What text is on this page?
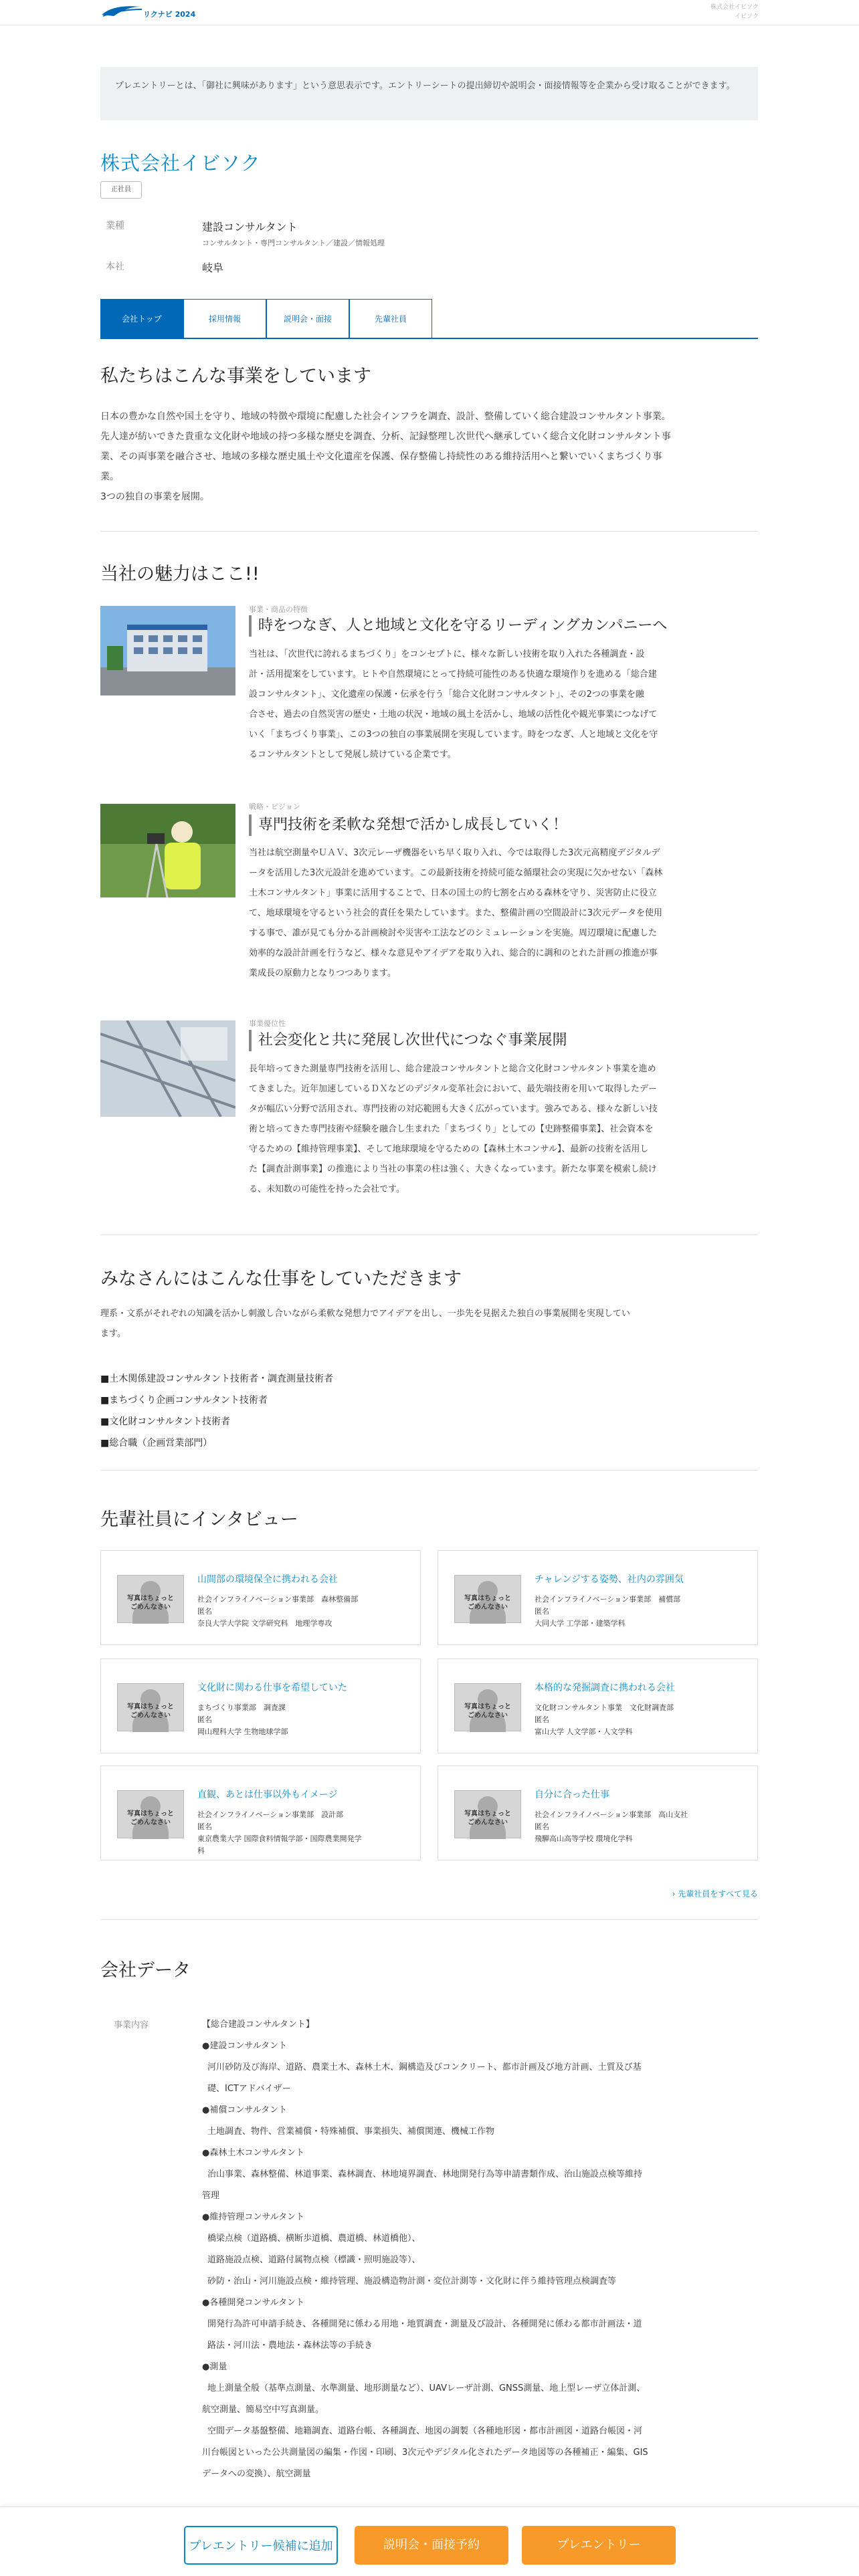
リクナビ 2024
株式会社イビソク
イビソク
プレエントリーとは、「御社に興味があります」という意思表示です。エントリーシートの提出締切や説明会・面接情報等を企業から受け取ることができます。
株式会社イビソク
正社員
業種	建設コンサルタント
コンサルタント・専門コンサルタント／建設／情報処理
本社	岐阜
会社トップ	採用情報	説明会・面接	先輩社員
私たちはこんな事業をしています
日本の豊かな自然や国土を守り、地域の特徴や環境に配慮した社会インフラを調査、設計、整備していく総合建設コンサルタント事業。
先人達が紡いできた貴重な文化財や地域の持つ多様な歴史を調査、分析、記録整理し次世代へ継承していく総合文化財コンサルタント事
業、その両事業を融合させ、地域の多様な歴史風土や文化遺産を保護、保存整備し持続性のある維持活用へと繋いでいくまちづくり事
業。
3つの独自の事業を展開。
当社の魅力はここ!!
事業・商品の特徴
時をつなぎ、人と地域と文化を守るリーディングカンパニーへ
当社は、「次世代に誇れるまちづくり」をコンセプトに、様々な新しい技術を取り入れた各種調査・設
計・活用提案をしています。ヒトや自然環境にとって持続可能性のある快適な環境作りを進める「総合建
設コンサルタント」、文化遺産の保護・伝承を行う「総合文化財コンサルタント」、その2つの事業を融
合させ、過去の自然災害の歴史・土地の状況・地域の風土を活かし、地域の活性化や観光事業につなげて
いく「まちづくり事業」、この3つの独自の事業展開を実現しています。時をつなぎ、人と地域と文化を守
るコンサルタントとして発展し続けている企業です。
戦略・ビジョン
専門技術を柔軟な発想で活かし成長していく！
当社は航空測量やＵＡＶ、3次元レーザ機器をいち早く取り入れ、今では取得した3次元高精度デジタルデ
ータを活用した3次元設計を進めています。この最新技術を持続可能な循環社会の実現に欠かせない「森林
土木コンサルタント」事業に活用することで、日本の国土の約七割を占める森林を守り、災害防止に役立
て、地球環境を守るという社会的責任を果たしています。また、整備計画の空間設計に3次元データを使用
する事で、誰が見ても分かる計画検討や災害や工法などのシミュレーションを実施。周辺環境に配慮した
効率的な設計計画を行うなど、様々な意見やアイデアを取り入れ、総合的に調和のとれた計画の推進が事
業成長の原動力となりつつあります。
事業優位性
社会変化と共に発展し次世代につなぐ事業展開
長年培ってきた測量専門技術を活用し、総合建設コンサルタントと総合文化財コンサルタント事業を進め
てきました。近年加速しているＤＸなどのデジタル変革社会において、最先端技術を用いて取得したデー
タが幅広い分野で活用され、専門技術の対応範囲も大きく広がっています。強みである、様々な新しい技
術と培ってきた専門技術や経験を融合し生まれた「まちづくり」としての【史跡整備事業】、社会資本を
守るための【維持管理事業】、そして地球環境を守るための【森林土木コンサル】、最新の技術を活用し
た【調査計測事業】の推進により当社の事業の柱は強く、大きくなっています。新たな事業を模索し続け
る、未知数の可能性を持った会社です。
みなさんにはこんな仕事をしていただきます
理系・文系がそれぞれの知識を活かし刺激し合いながら柔軟な発想力でアイデアを出し、一歩先を見据えた独自の事業展開を実現してい
ます。
■土木関係建設コンサルタント技術者・調査測量技術者
■まちづくり企画コンサルタント技術者
■文化財コンサルタント技術者
■総合職（企画営業部門）
先輩社員にインタビュー
写真はちょっと
ごめんなさい
山間部の環境保全に携われる会社
社会インフライノベーション事業部　森林整備部
匿名
奈良大学大学院 文学研究科　地理学専攻
写真はちょっと
ごめんなさい
チャレンジする姿勢、社内の雰囲気
社会インフライノベーション事業部　補償部
匿名
大同大学 工学部・建築学科
写真はちょっと
ごめんなさい
文化財に関わる仕事を希望していた
まちづくり事業部　調査課
匿名
岡山理科大学 生物地球学部
写真はちょっと
ごめんなさい
本格的な発掘調査に携われる会社
文化財コンサルタント事業　文化財調査部
匿名
富山大学 人文学部・人文学科
写真はちょっと
ごめんなさい
直観、あとは仕事以外もイメージ
社会インフライノベーション事業部　設計部
匿名
東京農業大学 国際食料情報学部・国際農業開発学
科
写真はちょっと
ごめんなさい
自分に合った仕事
社会インフライノベーション事業部　高山支社
匿名
飛騨高山高等学校 環境化学科
› 先輩社員をすべて見る
会社データ
事業内容	【総合建設コンサルタント】
●建設コンサルタント
河川砂防及び海岸、道路、農業土木、森林土木、鋼構造及びコンクリート、都市計画及び地方計画、土質及び基
礎、ICTアドバイザー
●補償コンサルタント
土地調査、物件、営業補償・特殊補償、事業損失、補償関連、機械工作物
●森林土木コンサルタント
治山事業、森林整備、林道事業、森林調査、林地境界調査、林地開発行為等申請書類作成、治山施設点検等維持
管理
●維持管理コンサルタント
橋梁点検（道路橋、横断歩道橋、農道橋、林道橋他）、
道路施設点検、道路付属物点検（標識・照明施設等）、
砂防・治山・河川施設点検・維持管理、施設構造物計測・変位計測等・文化財に伴う維持管理点検調査等
●各種開発コンサルタント
開発行為許可申請手続き、各種開発に係わる用地・地質調査・測量及び設計、各種開発に係わる都市計画法・道
路法・河川法・農地法・森林法等の手続き
●測量
地上測量全般（基準点測量、水準測量、地形測量など）、UAVレーザ計測、GNSS測量、地上型レーザ立体計測、
航空測量、簡易空中写真測量。
空間データ基盤整備、地籍調査、道路台帳、各種調査、地図の調製（各種地形図・都市計画図・道路台帳図・河
川台帳図といった公共測量図の編集・作図・印刷、3次元やデジタル化されたデータ地図等の各種補正・編集、GIS
データへの変換）、航空測量
プレエントリー候補に追加	説明会・面接予約	プレエントリー
